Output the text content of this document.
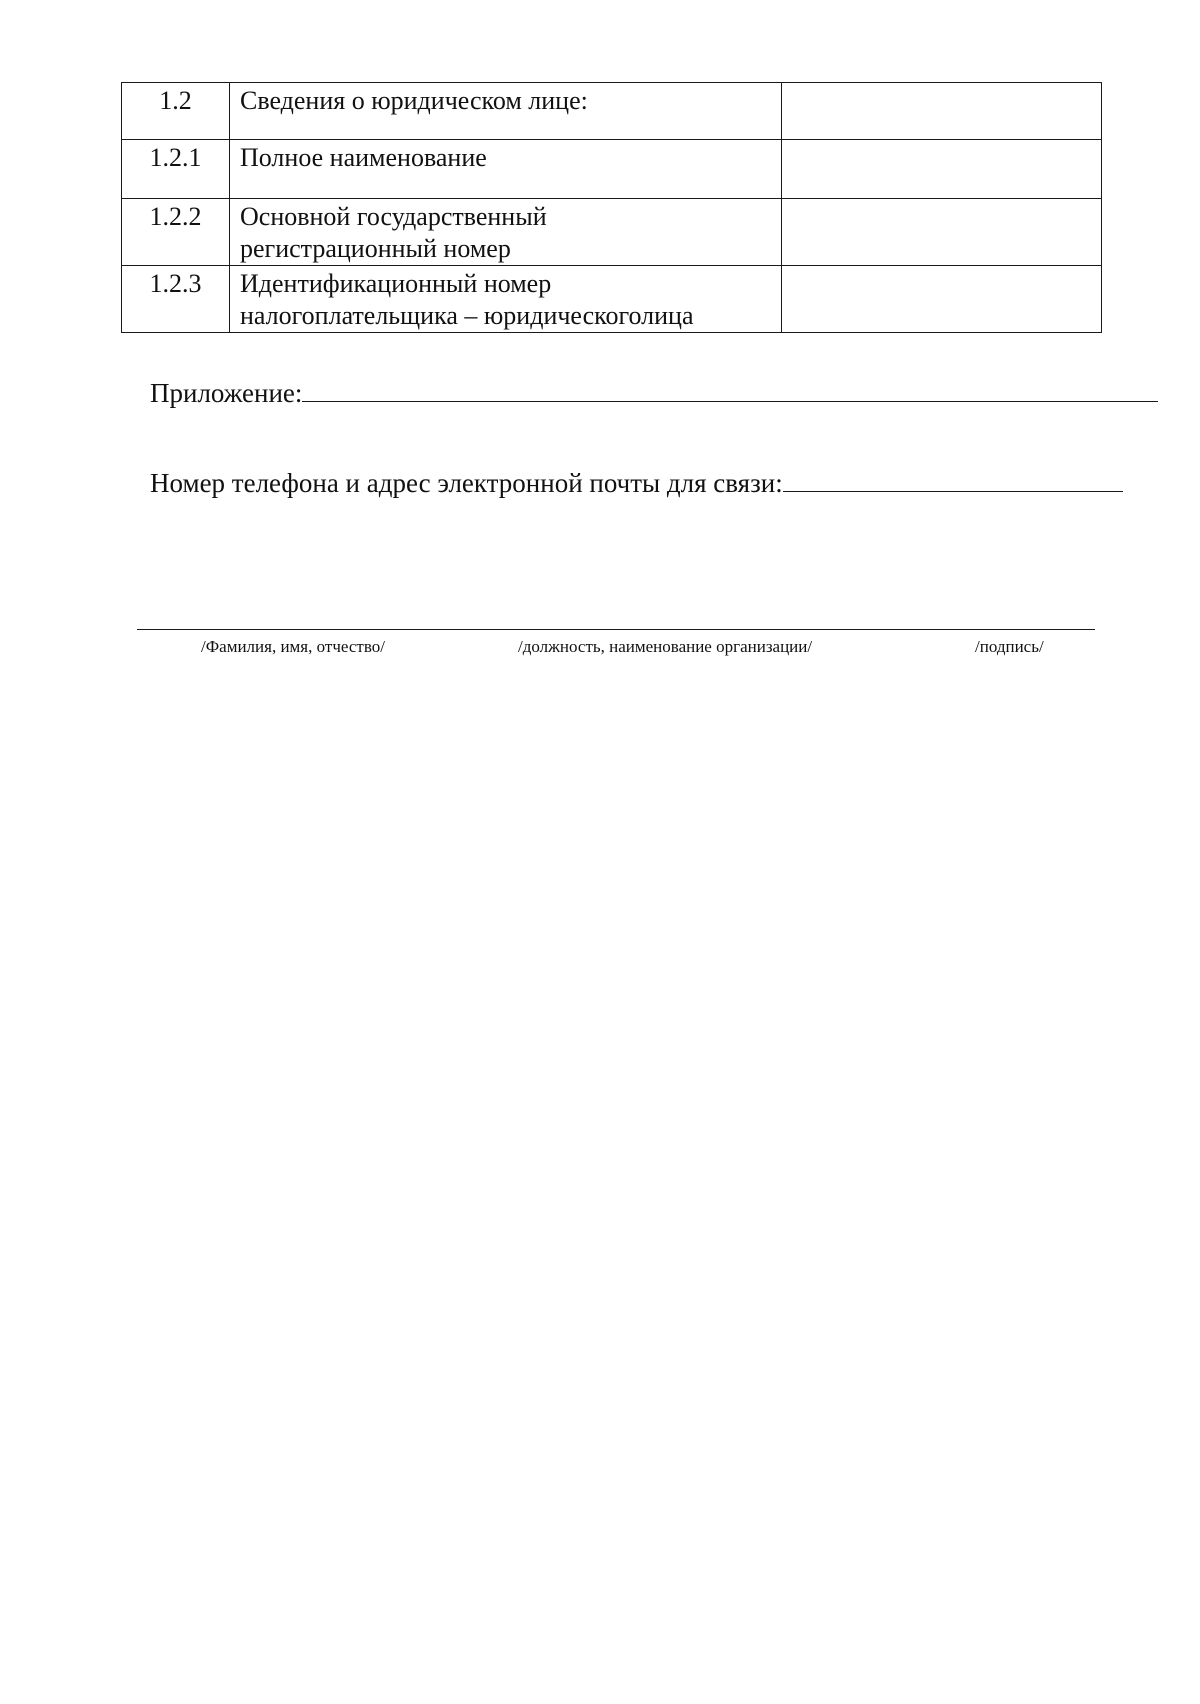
1.2	Сведения о юридическом лице:	

1.2.1	Полное наименование	

1.2.2	Основной государственный
регистрационный номер	

1.2.3	Идентификационный номер
налогоплательщика – юридическоголица	

Приложение:
Номер телефона и адрес электронной почты для связи:
/Фамилия, имя, отчество/	/должность, наименование организации/	/подпись/
